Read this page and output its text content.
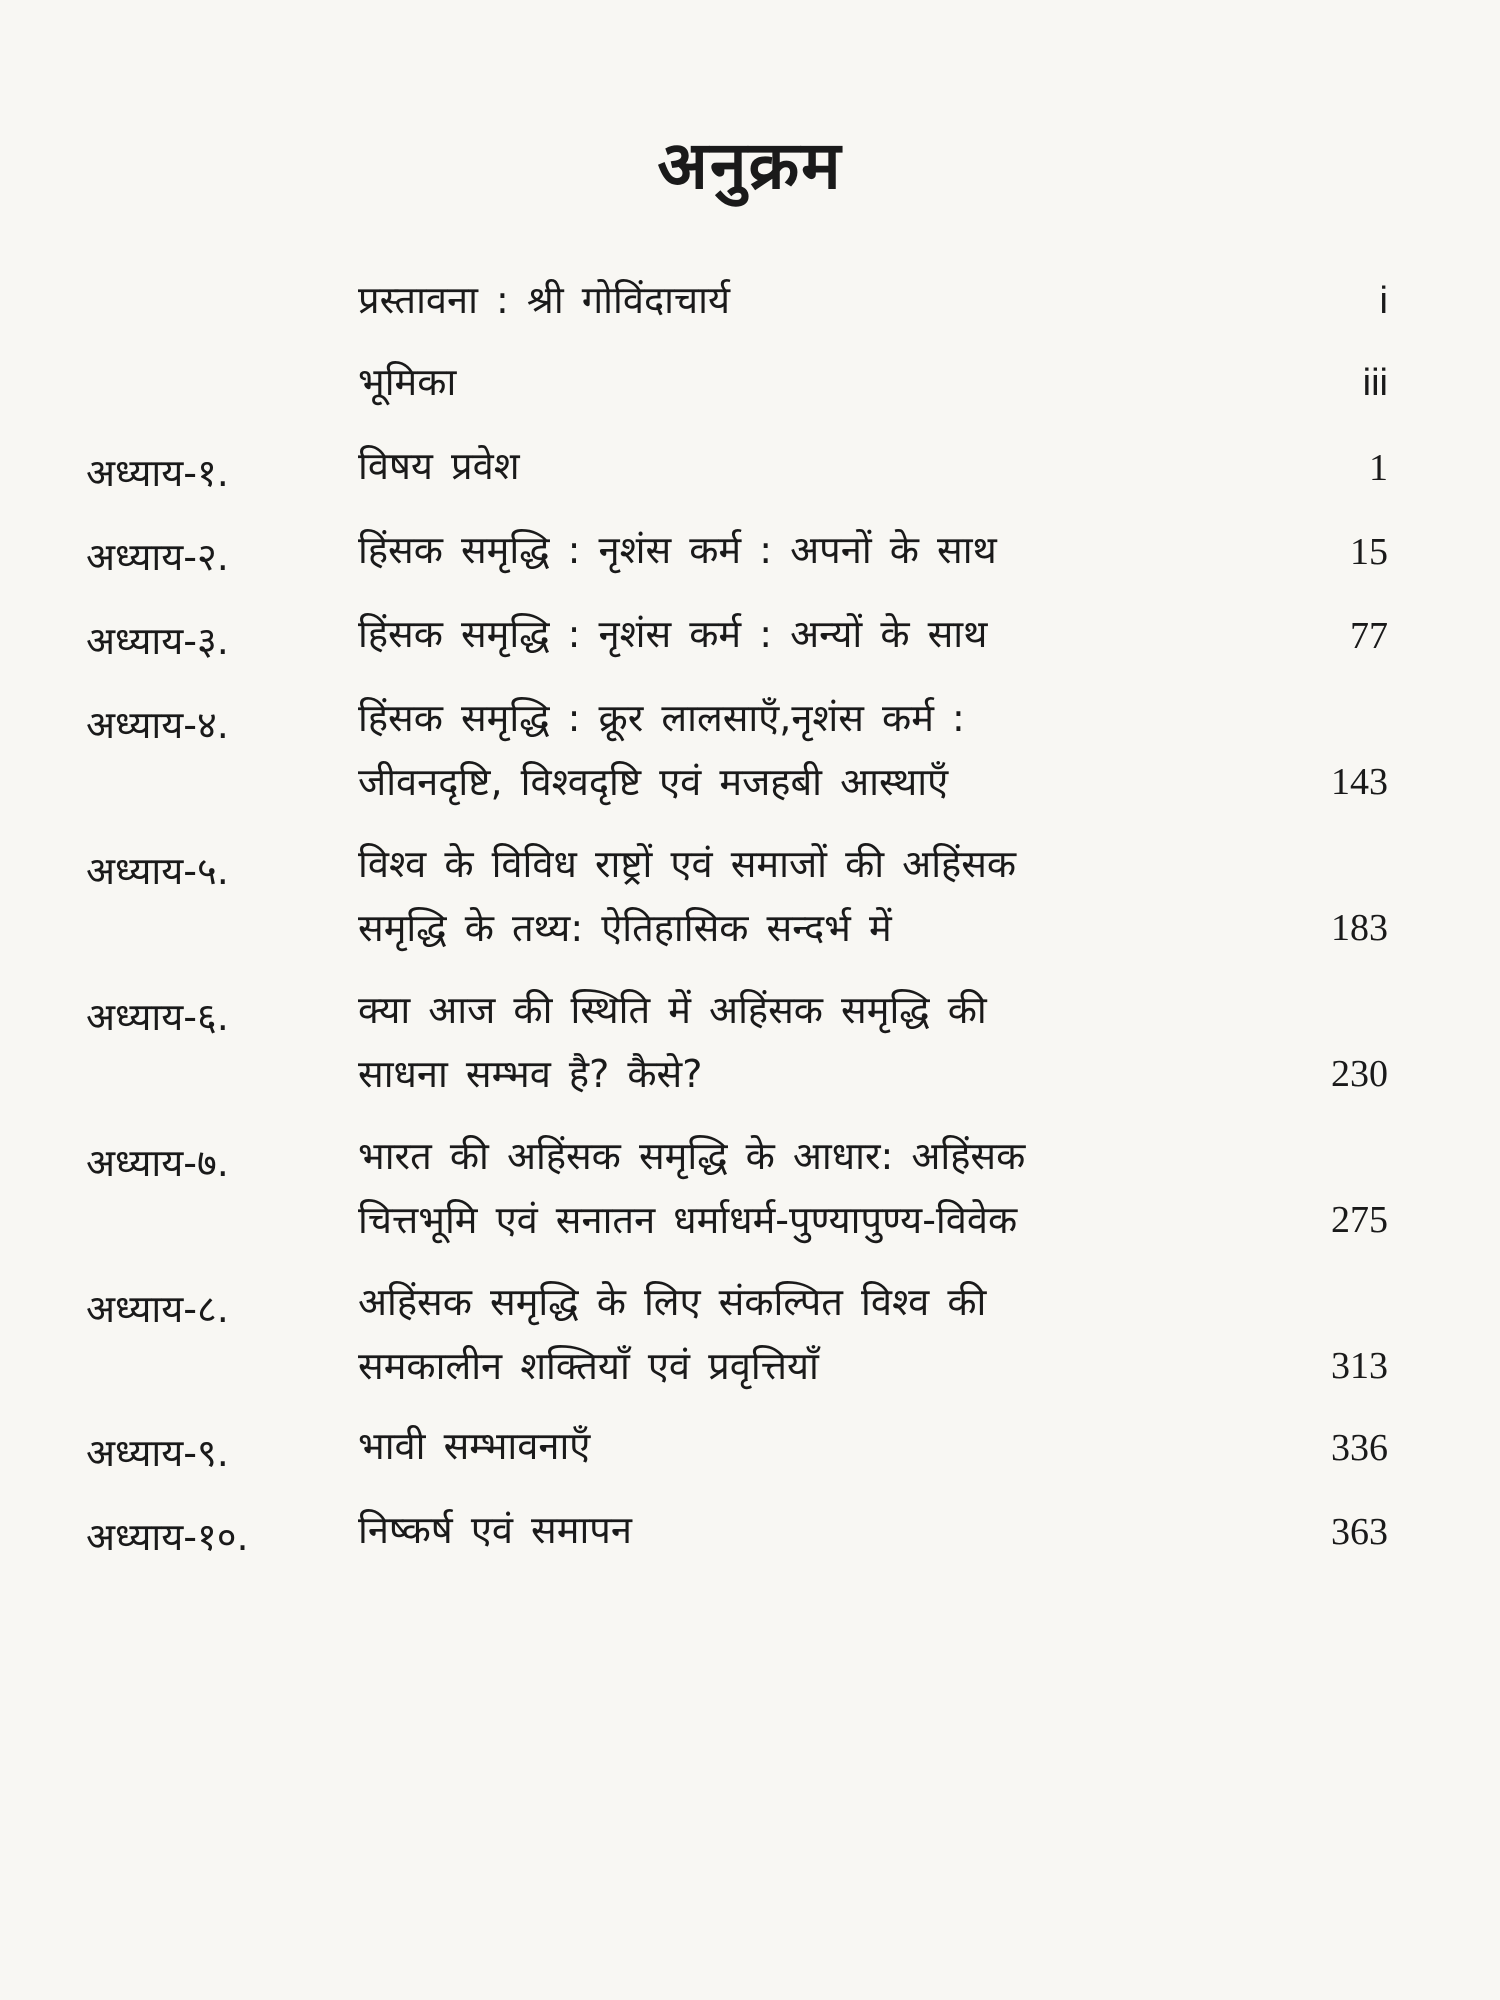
अनुक्रम
प्रस्तावना : श्री गोविंदाचार्य	i
भूमिका	iii
अध्याय-१.	विषय प्रवेश	1
अध्याय-२.	हिंसक समृद्धि : नृशंस कर्म : अपनों के साथ	15
अध्याय-३.	हिंसक समृद्धि : नृशंस कर्म : अन्यों के साथ	77
अध्याय-४.	हिंसक समृद्धि : क्रूर लालसाएँ,नृशंस कर्म :
जीवनदृष्टि, विश्वदृष्टि एवं मजहबी आस्थाएँ	143
अध्याय-५.	विश्व के विविध राष्ट्रों एवं समाजों की अहिंसक
समृद्धि के तथ्य: ऐतिहासिक सन्दर्भ में	183
अध्याय-६.	क्या आज की स्थिति में अहिंसक समृद्धि की
साधना सम्भव है? कैसे?	230
अध्याय-७.	भारत की अहिंसक समृद्धि के आधार: अहिंसक
चित्तभूमि एवं सनातन धर्माधर्म-पुण्यापुण्य-विवेक	275
अध्याय-८.	अहिंसक समृद्धि के लिए संकल्पित विश्व की
समकालीन शक्तियाँ एवं प्रवृत्तियाँ	313
अध्याय-९.	भावी सम्भावनाएँ	336
अध्याय-१०.	निष्कर्ष एवं समापन	363
